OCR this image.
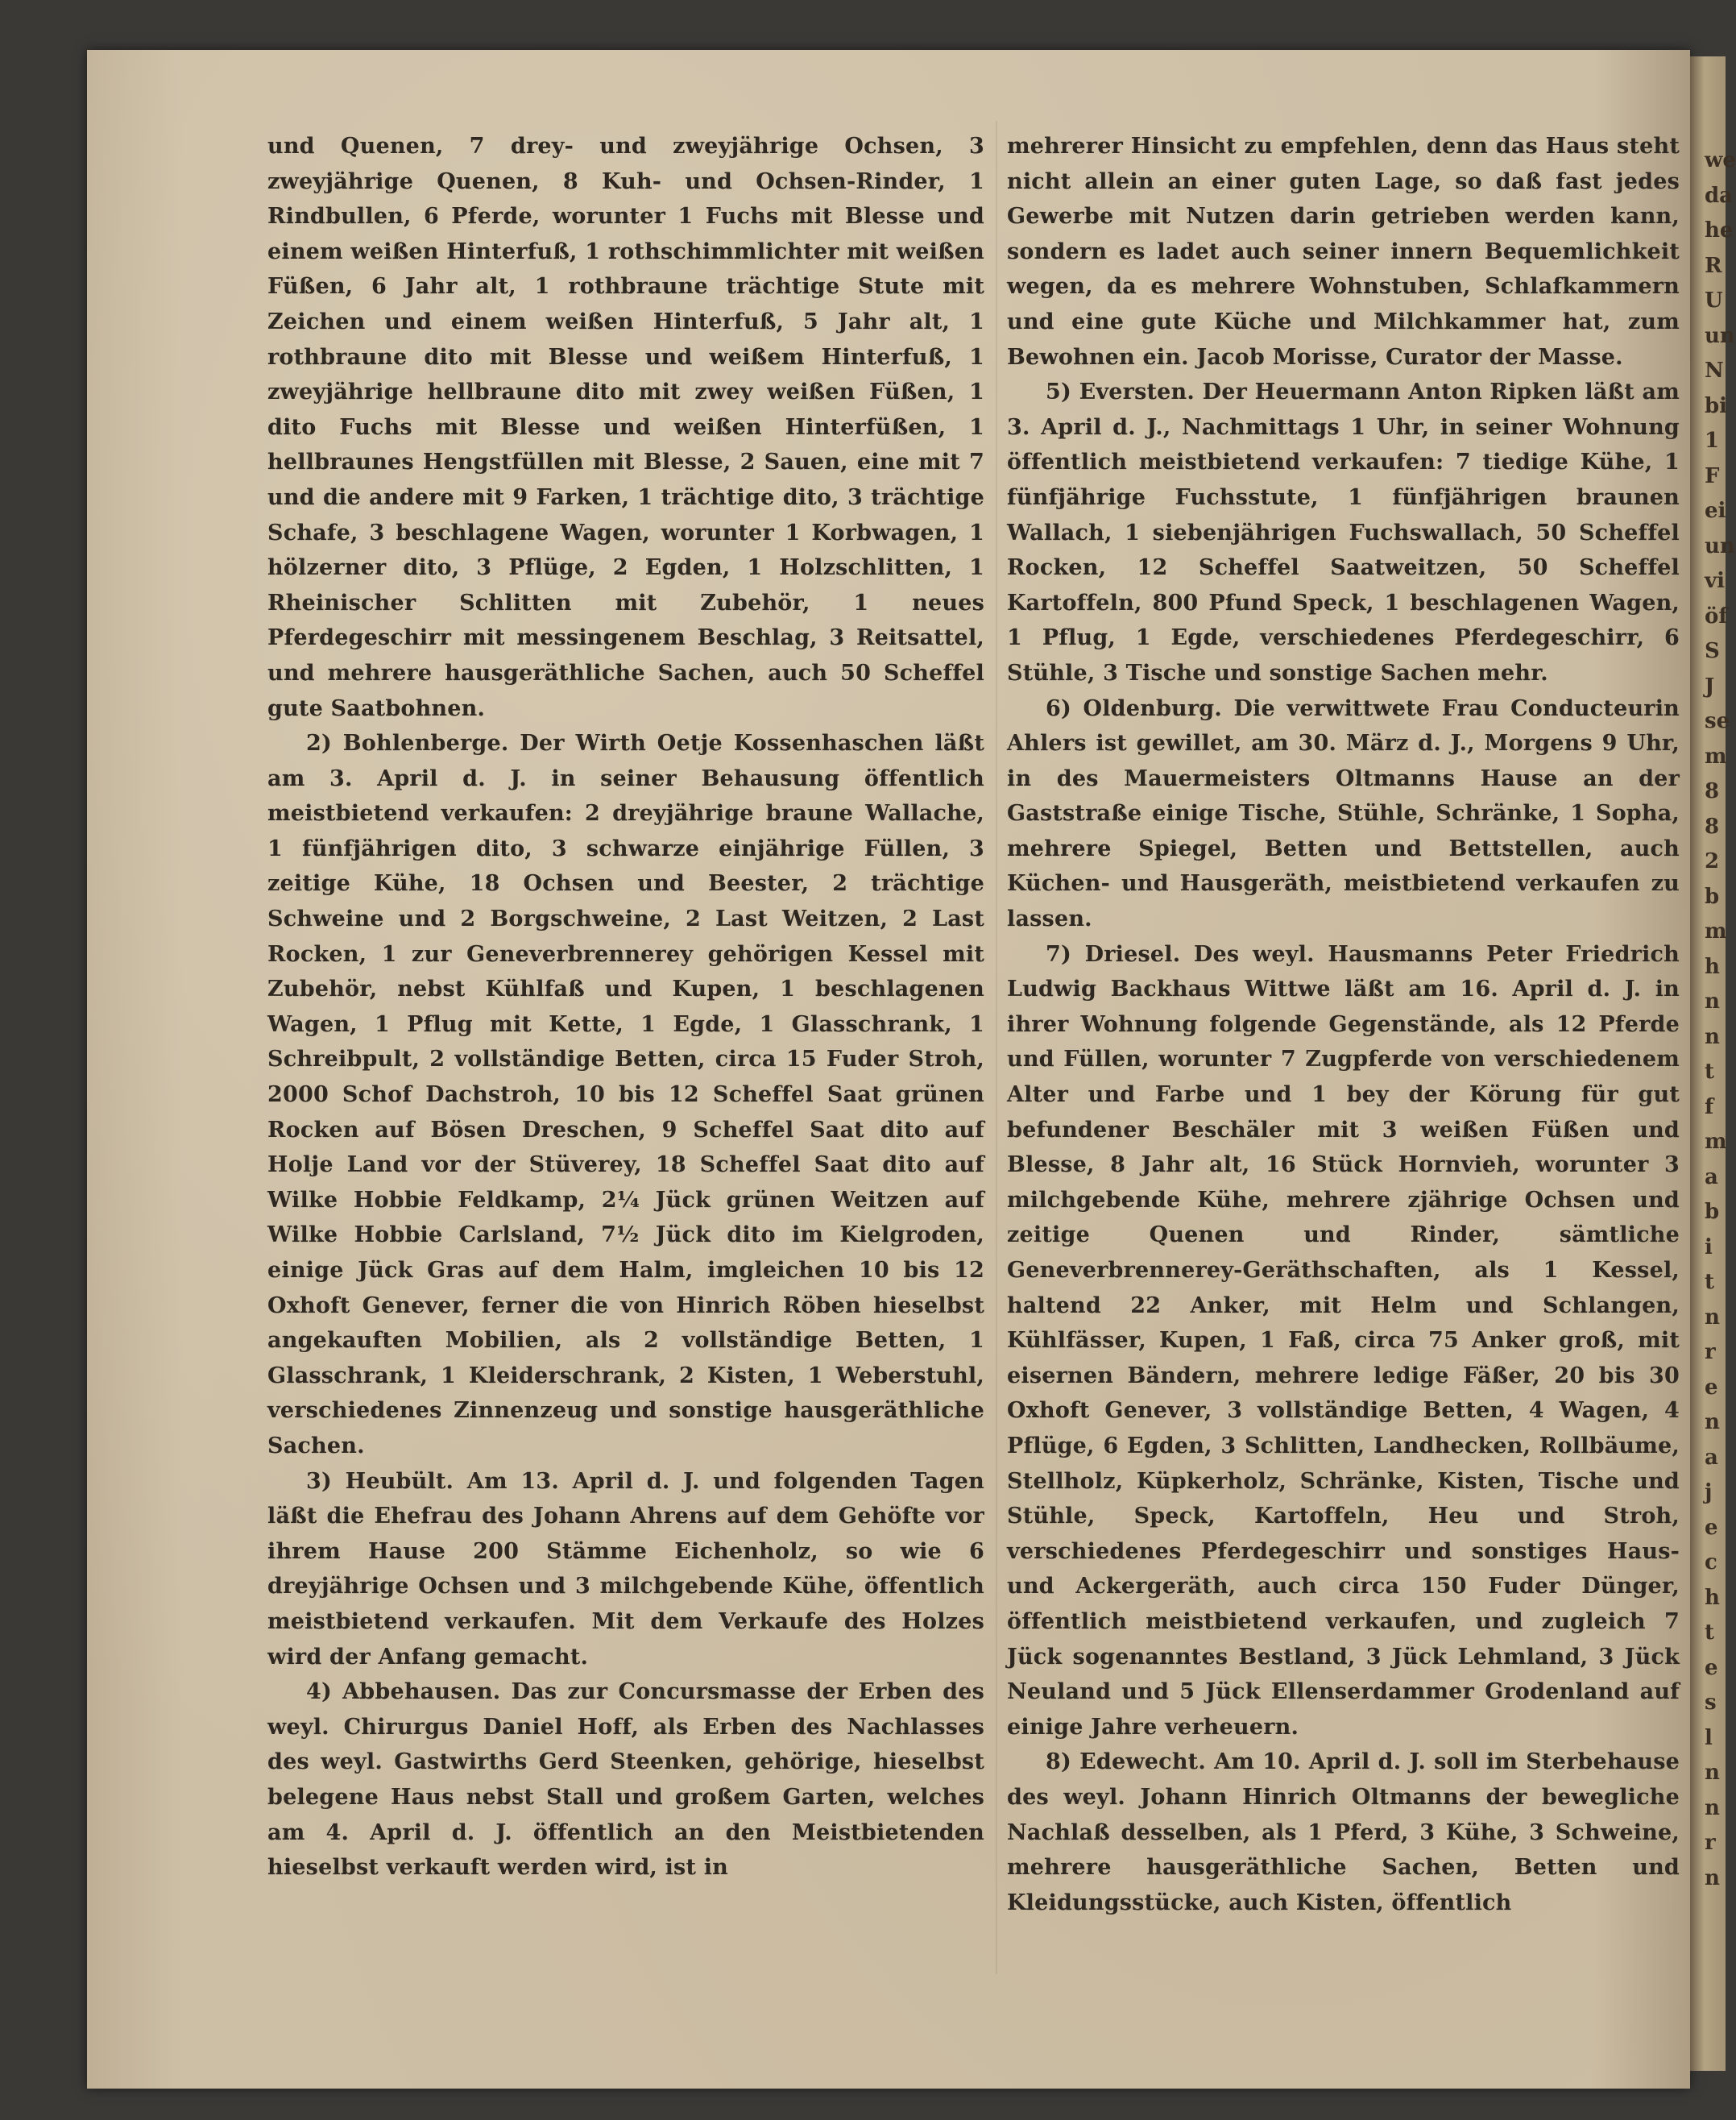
und Quenen, 7 drey- und zweyjährige Ochsen, 3 zweyjährige Quenen, 8 Kuh- und Ochsen-Rinder, 1 Rindbullen, 6 Pferde, worunter 1 Fuchs mit Blesse und einem weißen Hinterfuß, 1 rothschimmlichter mit weißen Füßen, 6 Jahr alt, 1 rothbraune trächtige Stute mit Zeichen und einem weißen Hinterfuß, 5 Jahr alt, 1 rothbraune dito mit Blesse und weißem Hinterfuß, 1 zweyjährige hellbraune dito mit zwey weißen Füßen, 1 dito Fuchs mit Blesse und weißen Hinterfüßen, 1 hellbraunes Hengstfüllen mit Blesse, 2 Sauen, eine mit 7 und die andere mit 9 Farken, 1 trächtige dito, 3 trächtige Schafe, 3 beschlagene Wagen, worunter 1 Korbwagen, 1 hölzerner dito, 3 Pflüge, 2 Egden, 1 Holzschlitten, 1 Rheinischer Schlitten mit Zubehör, 1 neues Pferdegeschirr mit messingenem Beschlag, 3 Reitsattel, und mehrere hausgeräthliche Sachen, auch 50 Scheffel gute Saatbohnen.

2) Bohlenberge. Der Wirth Oetje Kossenhaschen läßt am 3. April d. J. in seiner Behausung öffentlich meistbietend verkaufen: 2 dreyjährige braune Wallache, 1 fünfjährigen dito, 3 schwarze einjährige Füllen, 3 zeitige Kühe, 18 Ochsen und Beester, 2 trächtige Schweine und 2 Borgschweine, 2 Last Weitzen, 2 Last Rocken, 1 zur Geneverbrennerey gehörigen Kessel mit Zubehör, nebst Kühlfaß und Kupen, 1 beschlagenen Wagen, 1 Pflug mit Kette, 1 Egde, 1 Glasschrank, 1 Schreibpult, 2 vollständige Betten, circa 15 Fuder Stroh, 2000 Schof Dachstroh, 10 bis 12 Scheffel Saat grünen Rocken auf Bösen Dreschen, 9 Scheffel Saat dito auf Holje Land vor der Stüverey, 18 Scheffel Saat dito auf Wilke Hobbie Feldkamp, 2¼ Jück grünen Weitzen auf Wilke Hobbie Carlsland, 7½ Jück dito im Kielgroden, einige Jück Gras auf dem Halm, imgleichen 10 bis 12 Oxhoft Genever, ferner die von Hinrich Röben hieselbst angekauften Mobilien, als 2 vollständige Betten, 1 Glasschrank, 1 Kleiderschrank, 2 Kisten, 1 Weberstuhl, verschiedenes Zinnenzeug und sonstige hausgeräthliche Sachen.

3) Heubült. Am 13. April d. J. und folgenden Tagen läßt die Ehefrau des Johann Ahrens auf dem Gehöfte vor ihrem Hause 200 Stämme Eichenholz, so wie 6 dreyjährige Ochsen und 3 milchgebende Kühe, öffentlich meistbietend verkaufen. Mit dem Verkaufe des Holzes wird der Anfang gemacht.

4) Abbehausen. Das zur Concursmasse der Erben des weyl. Chirurgus Daniel Hoff, als Erben des Nachlasses des weyl. Gastwirths Gerd Steenken, gehörige, hieselbst belegene Haus nebst Stall und großem Garten, welches am 4. April d. J. öffentlich an den Meistbietenden hieselbst verkauft werden wird, ist in

mehrerer Hinsicht zu empfehlen, denn das Haus steht nicht allein an einer guten Lage, so daß fast jedes Gewerbe mit Nutzen darin getrieben werden kann, sondern es ladet auch seiner innern Bequemlichkeit wegen, da es mehrere Wohnstuben, Schlafkammern und eine gute Küche und Milchkammer hat, zum Bewohnen ein. Jacob Morisse, Curator der Masse.

5) Eversten. Der Heuermann Anton Ripken läßt am 3. April d. J., Nachmittags 1 Uhr, in seiner Wohnung öffentlich meistbietend verkaufen: 7 tiedige Kühe, 1 fünfjährige Fuchsstute, 1 fünfjährigen braunen Wallach, 1 siebenjährigen Fuchswallach, 50 Scheffel Rocken, 12 Scheffel Saatweitzen, 50 Scheffel Kartoffeln, 800 Pfund Speck, 1 beschlagenen Wagen, 1 Pflug, 1 Egde, verschiedenes Pferdegeschirr, 6 Stühle, 3 Tische und sonstige Sachen mehr.

6) Oldenburg. Die verwittwete Frau Conducteurin Ahlers ist gewillet, am 30. März d. J., Morgens 9 Uhr, in des Mauermeisters Oltmanns Hause an der Gaststraße einige Tische, Stühle, Schränke, 1 Sopha, mehrere Spiegel, Betten und Bettstellen, auch Küchen- und Hausgeräth, meistbietend verkaufen zu lassen.

7) Driesel. Des weyl. Hausmanns Peter Friedrich Ludwig Backhaus Wittwe läßt am 16. April d. J. in ihrer Wohnung folgende Gegenstände, als 12 Pferde und Füllen, worunter 7 Zugpferde von verschiedenem Alter und Farbe und 1 bey der Körung für gut befundener Beschäler mit 3 weißen Füßen und Blesse, 8 Jahr alt, 16 Stück Hornvieh, worunter 3 milchgebende Kühe, mehrere zjährige Ochsen und zeitige Quenen und Rinder, sämtliche Geneverbrennerey-Geräthschaften, als 1 Kessel, haltend 22 Anker, mit Helm und Schlangen, Kühlfässer, Kupen, 1 Faß, circa 75 Anker groß, mit eisernen Bändern, mehrere ledige Fäßer, 20 bis 30 Oxhoft Genever, 3 vollständige Betten, 4 Wagen, 4 Pflüge, 6 Egden, 3 Schlitten, Landhecken, Rollbäume, Stellholz, Küpkerholz, Schränke, Kisten, Tische und Stühle, Speck, Kartoffeln, Heu und Stroh, verschiedenes Pferdegeschirr und sonstiges Haus- und Ackergeräth, auch circa 150 Fuder Dünger, öffentlich meistbietend verkaufen, und zugleich 7 Jück sogenanntes Bestland, 3 Jück Lehmland, 3 Jück Neuland und 5 Jück Ellenserdammer Grodenland auf einige Jahre verheuern.

8) Edewecht. Am 10. April d. J. soll im Sterbehause des weyl. Johann Hinrich Oltmanns der bewegliche Nachlaß desselben, als 1 Pferd, 3 Kühe, 3 Schweine, mehrere hausgeräthliche Sachen, Betten und Kleidungsstücke, auch Kisten, öffentlich

we
da
he
R
U
un
N
bi
1
F
ei
un
vi
öf
S
J
se
m
8
8
2
b
m
h
n
n
t
f
m
a
b
i
t
n
r
e
n
a
j
e
c
h
t
e
s
l
n
n
r
n
